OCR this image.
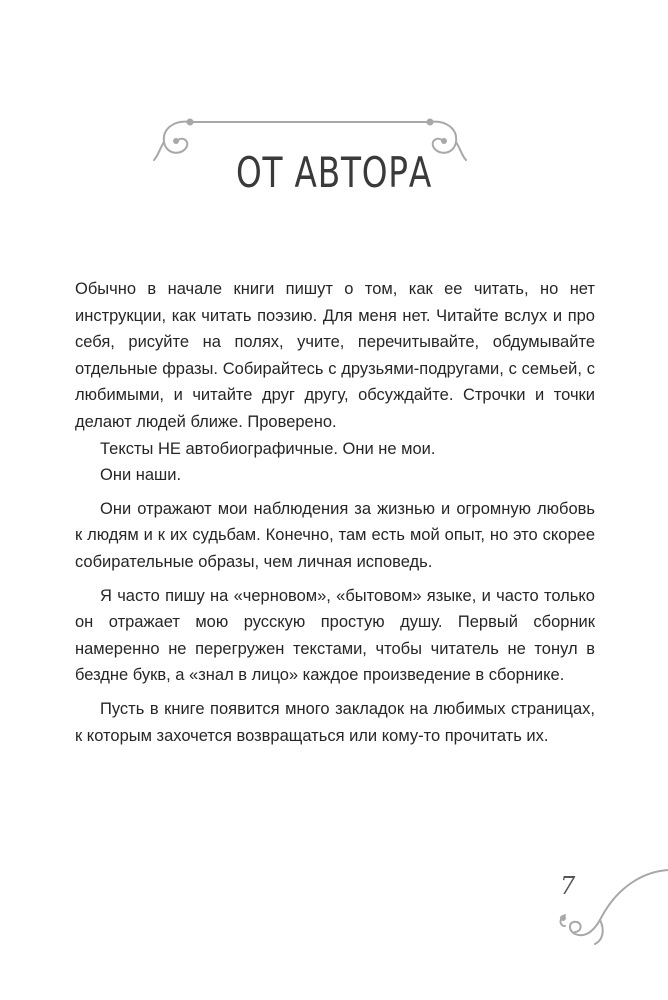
ОТ АВТОРА

Обычно в начале книги пишут о том, как ее читать, но нет инструкции, как читать поэзию. Для меня нет. Читайте вслух и про себя, рисуйте на полях, учите, перечитывайте, обдумывайте отдельные фразы. Собирайтесь с друзьями-подругами, с семьей, с любимыми, и читайте друг другу, обсуждайте. Строчки и точки делают людей ближе. Проверено.

Тексты НЕ автобиографичные. Они не мои.

Они наши.

Они отражают мои наблюдения за жизнью и огромную любовь к людям и к их судьбам. Конечно, там есть мой опыт, но это скорее собирательные образы, чем личная исповедь.

Я часто пишу на «черновом», «бытовом» языке, и часто только он отражает мою русскую простую душу. Первый сборник намеренно не перегружен текстами, чтобы читатель не тонул в бездне букв, а «знал в лицо» каждое произведение в сборнике.

Пусть в книге появится много закладок на любимых страницах, к которым захочется возвращаться или кому-то прочитать их.

7
